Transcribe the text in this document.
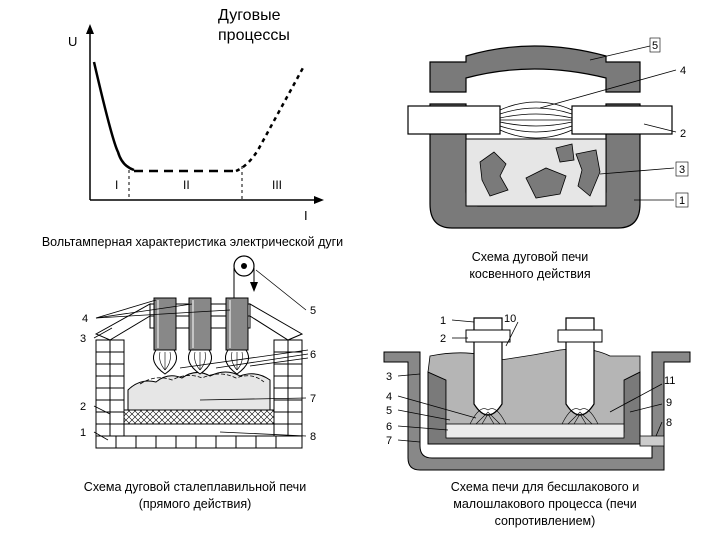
Дуговые процессы
Вольтамперная характеристика электрической дуги
Схема дуговой печи косвенного действия
Схема дуговой сталеплавильной печи (прямого действия)
Схема печи для бесшлакового и малошлакового процесса (печи сопротивлением)
U
I
I	II	III
5
4
2
3
1
4
3
2
1
5
6
7
8
1
2
10
3
4
5
6
7
11
9
8
